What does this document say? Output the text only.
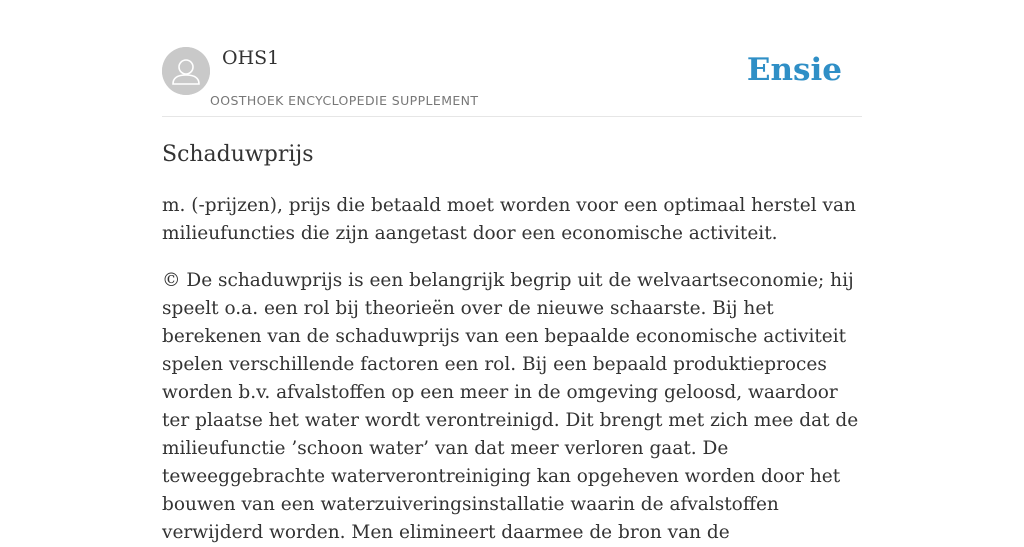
OHS1
OOSTHOEK ENCYCLOPEDIE SUPPLEMENT
Ensie
Schaduwprijs

m. (-prijzen), prijs die betaald moet worden voor een optimaal herstel van milieufuncties die zijn aangetast door een economische activiteit.

© De schaduwprijs is een belangrijk begrip uit de welvaartseconomie; hij speelt o.a. een rol bij theorieën over de nieuwe schaarste. Bij het berekenen van de schaduwprijs van een bepaalde economische activiteit spelen verschillende factoren een rol. Bij een bepaald produktieproces worden b.v. afvalstoffen op een meer in de omgeving geloosd, waardoor ter plaatse het water wordt verontreinigd. Dit brengt met zich mee dat de milieufunctie ’schoon water’ van dat meer verloren gaat. De teweeggebrachte waterverontreiniging kan opgeheven worden door het bouwen van een waterzuiveringsinstallatie waarin de afvalstoffen verwijderd worden. Men elimineert daarmee de bron van de
